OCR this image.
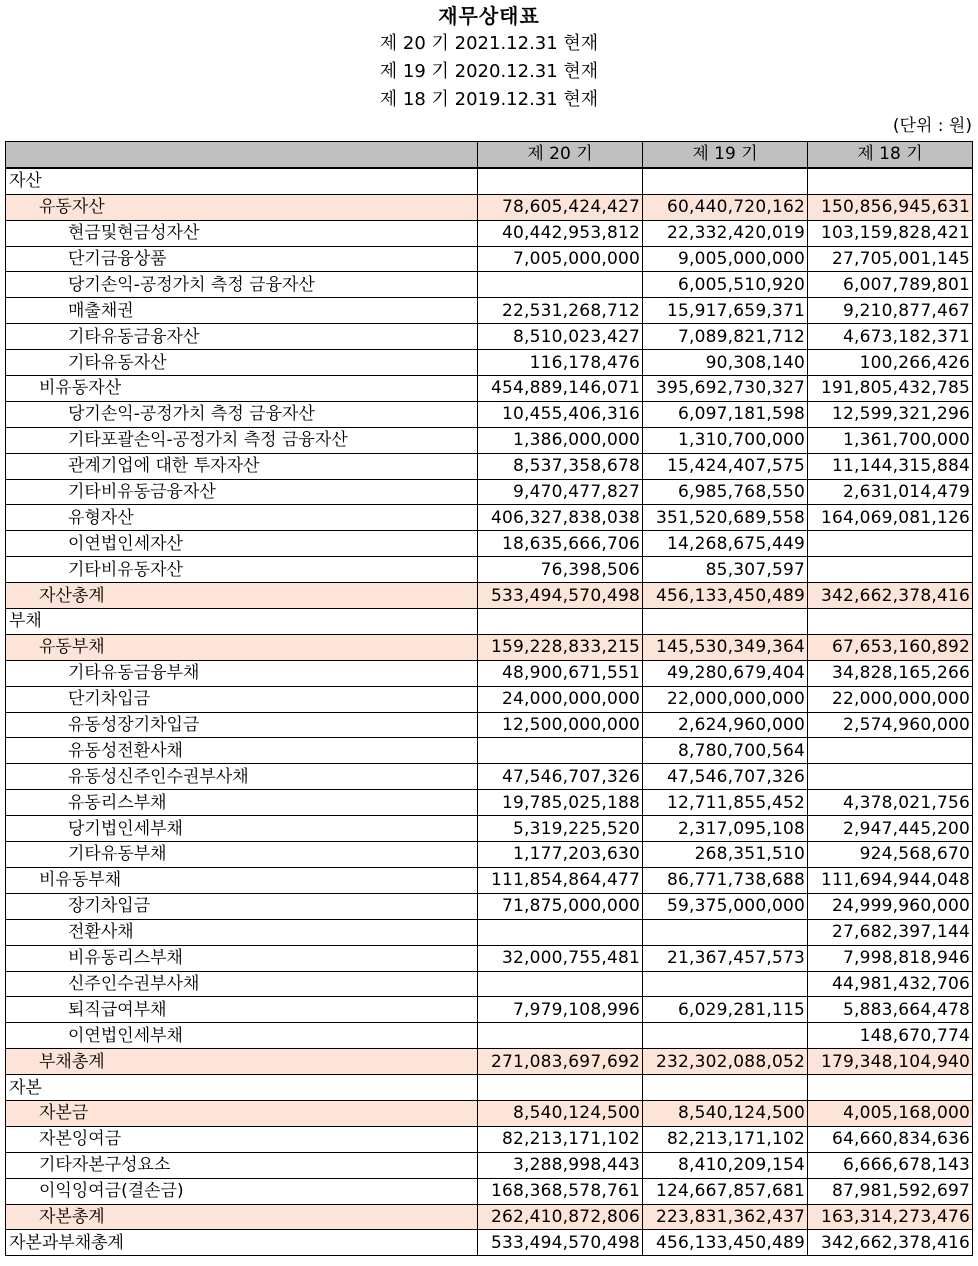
재무상태표
제 20 기 2021.12.31 현재
제 19 기 2020.12.31 현재
제 18 기 2019.12.31 현재
(단위 : 원)
	제 20 기	제 19 기	제 18 기
자산			
유동자산	78,605,424,427	60,440,720,162	150,856,945,631
현금및현금성자산	40,442,953,812	22,332,420,019	103,159,828,421
단기금융상품	7,005,000,000	9,005,000,000	27,705,001,145
당기손익-공정가치 측정 금융자산		6,005,510,920	6,007,789,801
매출채권	22,531,268,712	15,917,659,371	9,210,877,467
기타유동금융자산	8,510,023,427	7,089,821,712	4,673,182,371
기타유동자산	116,178,476	90,308,140	100,266,426
비유동자산	454,889,146,071	395,692,730,327	191,805,432,785
당기손익-공정가치 측정 금융자산	10,455,406,316	6,097,181,598	12,599,321,296
기타포괄손익-공정가치 측정 금융자산	1,386,000,000	1,310,700,000	1,361,700,000
관계기업에 대한 투자자산	8,537,358,678	15,424,407,575	11,144,315,884
기타비유동금융자산	9,470,477,827	6,985,768,550	2,631,014,479
유형자산	406,327,838,038	351,520,689,558	164,069,081,126
이연법인세자산	18,635,666,706	14,268,675,449	
기타비유동자산	76,398,506	85,307,597	
자산총계	533,494,570,498	456,133,450,489	342,662,378,416
부채			
유동부채	159,228,833,215	145,530,349,364	67,653,160,892
기타유동금융부채	48,900,671,551	49,280,679,404	34,828,165,266
단기차입금	24,000,000,000	22,000,000,000	22,000,000,000
유동성장기차입금	12,500,000,000	2,624,960,000	2,574,960,000
유동성전환사채		8,780,700,564	
유동성신주인수권부사채	47,546,707,326	47,546,707,326	
유동리스부채	19,785,025,188	12,711,855,452	4,378,021,756
당기법인세부채	5,319,225,520	2,317,095,108	2,947,445,200
기타유동부채	1,177,203,630	268,351,510	924,568,670
비유동부채	111,854,864,477	86,771,738,688	111,694,944,048
장기차입금	71,875,000,000	59,375,000,000	24,999,960,000
전환사채			27,682,397,144
비유동리스부채	32,000,755,481	21,367,457,573	7,998,818,946
신주인수권부사채			44,981,432,706
퇴직급여부채	7,979,108,996	6,029,281,115	5,883,664,478
이연법인세부채			148,670,774
부채총계	271,083,697,692	232,302,088,052	179,348,104,940
자본			
자본금	8,540,124,500	8,540,124,500	4,005,168,000
자본잉여금	82,213,171,102	82,213,171,102	64,660,834,636
기타자본구성요소	3,288,998,443	8,410,209,154	6,666,678,143
이익잉여금(결손금)	168,368,578,761	124,667,857,681	87,981,592,697
자본총계	262,410,872,806	223,831,362,437	163,314,273,476
자본과부채총계	533,494,570,498	456,133,450,489	342,662,378,416
